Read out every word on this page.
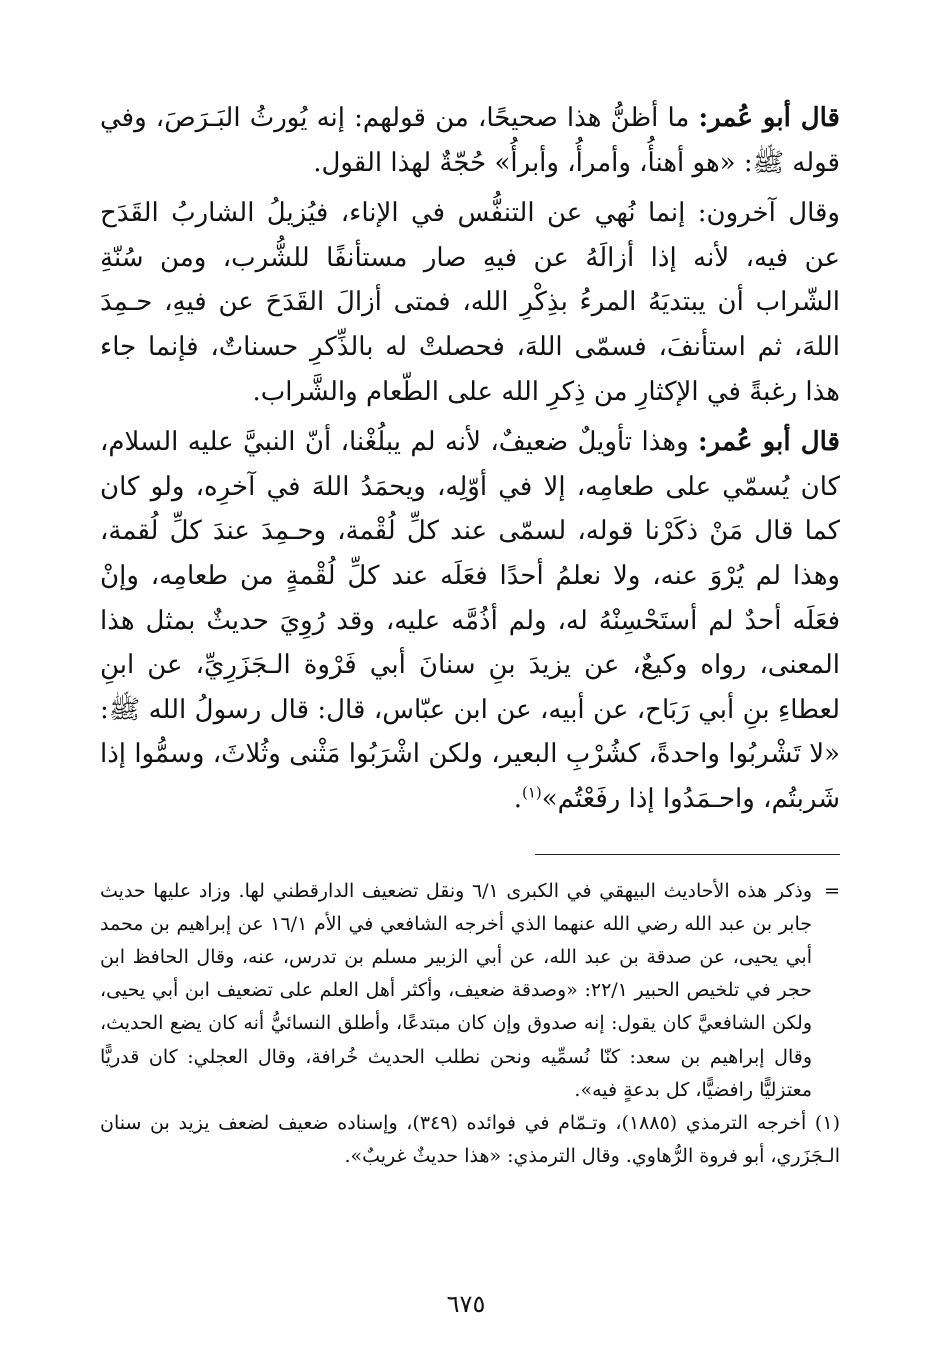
قال أبو عُمر: ما أظنُّ هذا صحيحًا، من قولهم: إنه يُورثُ البَـرَصَ، وفي قوله ﷺ: «هو أهنأُ، وأمرأُ، وأبرأُ» حُجّةٌ لهذا القول.

وقال آخرون: إنما نُهي عن التنفُّس في الإناء، فيُزيلُ الشاربُ القَدَح عن فيه، لأنه إذا أزالَهُ عن فيهِ صار مستأنفًا للشُّرب، ومن سُنّةِ الشّراب أن يبتديَهُ المرءُ بذِكْرِ الله، فمتى أزالَ القَدَحَ عن فيهِ، حـمِدَ اللهَ، ثم استأنفَ، فسمّى اللهَ، فحصلتْ له بالذِّكرِ حسناتٌ، فإنما جاء هذا رغبةً في الإكثارِ من ذِكرِ الله على الطّعام والشَّراب.

قال أبو عُمر: وهذا تأويلٌ ضعيفٌ، لأنه لم يبلُغْنا، أنّ النبيَّ عليه السلام، كان يُسمّي على طعامِه، إلا في أوّلِه، ويحمَدُ اللهَ في آخرِه، ولو كان كما قال مَنْ ذكَرْنا قوله، لسمّى عند كلِّ لُقْمة، وحـمِدَ عندَ كلِّ لُقمة، وهذا لم يُرْوَ عنه، ولا نعلمُ أحدًا فعَلَه عند كلِّ لُقْمةٍ من طعامِه، وإنْ فعَلَه أحدٌ لم أستَحْسِنْهُ له، ولم أذُمَّه عليه، وقد رُوِيَ حديثٌ بمثل هذا المعنى، رواه وكيعٌ، عن يزيدَ بنِ سنانَ أبي فَرْوة الـجَزَرِيِّ، عن ابنِ لعطاءِ بنِ أبي رَبَاح، عن أبيه، عن ابن عبّاس، قال: قال رسولُ الله ﷺ: «لا تَشْربُوا واحدةً، كشُرْبِ البعير، ولكن اشْرَبُوا مَثْنى وثُلاثَ، وسمُّوا إذا شَربتُم، واحـمَدُوا إذا رفَعْتُم»$^{(١)}$.

=
وذكر هذه الأحاديث البيهقي في الكبرى ٦/١ ونقل تضعيف الدارقطني لها. وزاد عليها حديث جابر بن عبد الله رضي الله عنهما الذي أخرجه الشافعي في الأم ١٦/١ عن إبراهيم بن محمد أبي يحيى، عن صدقة بن عبد الله، عن أبي الزبير مسلم بن تدرس، عنه، وقال الحافظ ابن حجر في تلخيص الحبير ٢٢/١: «وصدقة ضعيف، وأكثر أهل العلم على تضعيف ابن أبي يحيى، ولكن الشافعيَّ كان يقول: إنه صدوق وإن كان مبتدعًا، وأطلق النسائيُّ أنه كان يضع الحديث، وقال إبراهيم بن سعد: كنّا نُسمِّيه ونحن نطلب الحديث خُرافة، وقال العجلي: كان قدريًّا معتزليًّا رافضيًّا، كل بدعةٍ فيه».

(١) أخرجه الترمذي (١٨٨٥)، وتـمّام في فوائده (٣٤٩)، وإسناده ضعيف لضعف يزيد بن سنان الـجَزَري، أبو فروة الرُّهاوي. وقال الترمذي: «هذا حديثٌ غريبٌ».

٦٧٥
